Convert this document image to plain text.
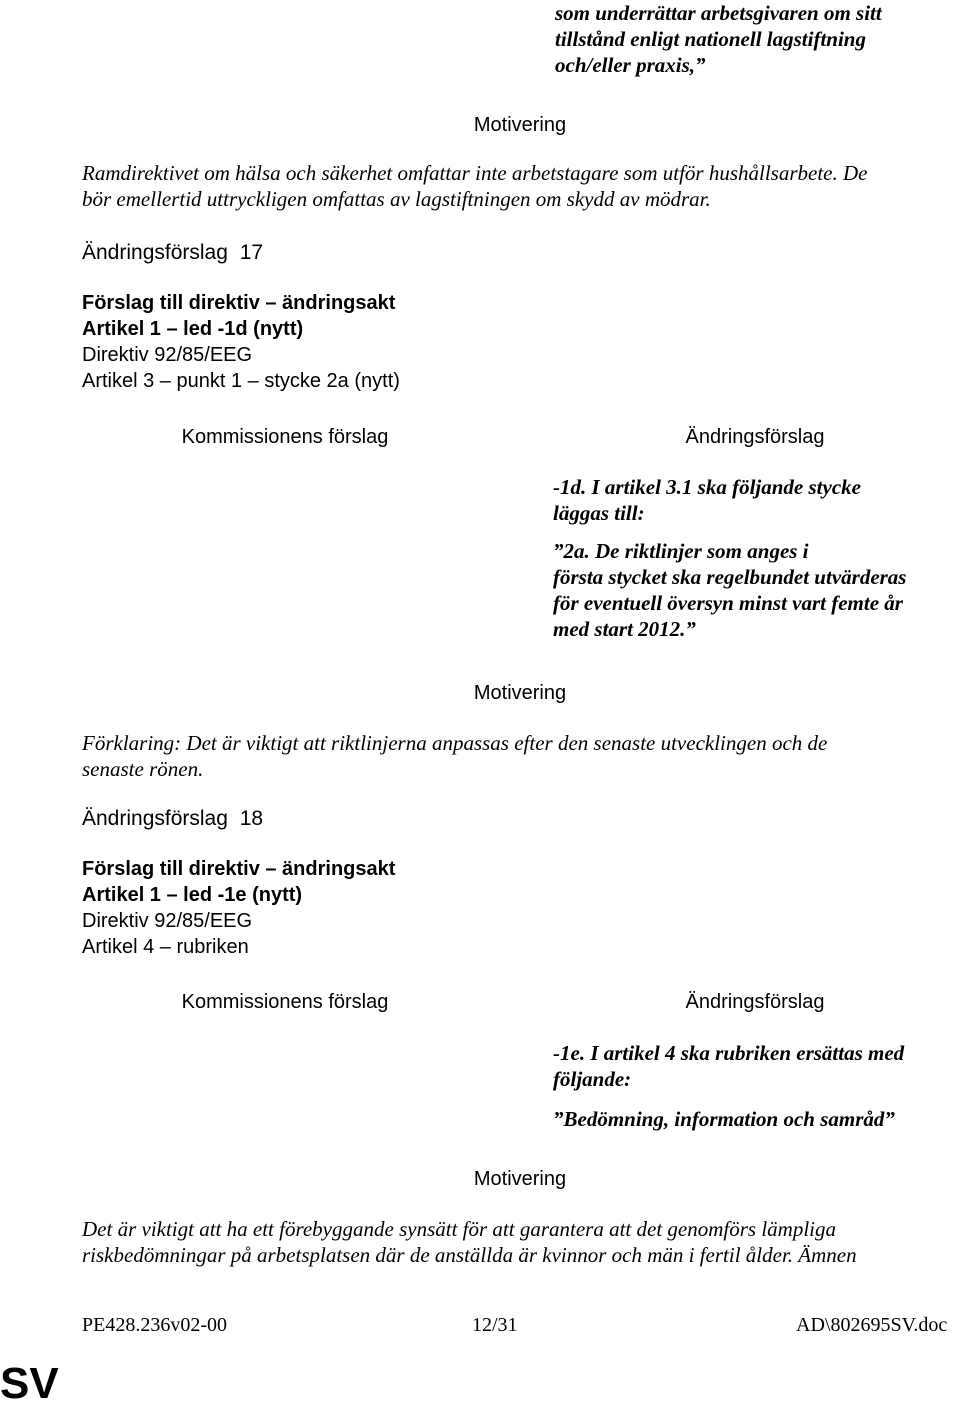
som underrättar arbetsgivaren om sitt
tillstånd enligt nationell lagstiftning
och/eller praxis,”
Motivering
Ramdirektivet om hälsa och säkerhet omfattar inte arbetstagare som utför hushållsarbete. De
bör emellertid uttryckligen omfattas av lagstiftningen om skydd av mödrar.
Ändringsförslag 17
Förslag till direktiv – ändringsakt
Artikel 1 – led -1d (nytt)
Direktiv 92/85/EEG
Artikel 3 – punkt 1 – stycke 2a (nytt)
Kommissionens förslag	Ändringsförslag
-1d. I artikel 3.1 ska följande stycke
läggas till:
”2a. De riktlinjer som anges i
första stycket ska regelbundet utvärderas
för eventuell översyn minst vart femte år
med start 2012.”
Motivering
Förklaring: Det är viktigt att riktlinjerna anpassas efter den senaste utvecklingen och de
senaste rönen.
Ändringsförslag 18
Förslag till direktiv – ändringsakt
Artikel 1 – led -1e (nytt)
Direktiv 92/85/EEG
Artikel 4 – rubriken
Kommissionens förslag	Ändringsförslag
-1e. I artikel 4 ska rubriken ersättas med
följande:
”Bedömning, information och samråd”
Motivering
Det är viktigt att ha ett förebyggande synsätt för att garantera att det genomförs lämpliga
riskbedömningar på arbetsplatsen där de anställda är kvinnor och män i fertil ålder. Ämnen
PE428.236v02-00	12/31	AD\802695SV.doc
SV
